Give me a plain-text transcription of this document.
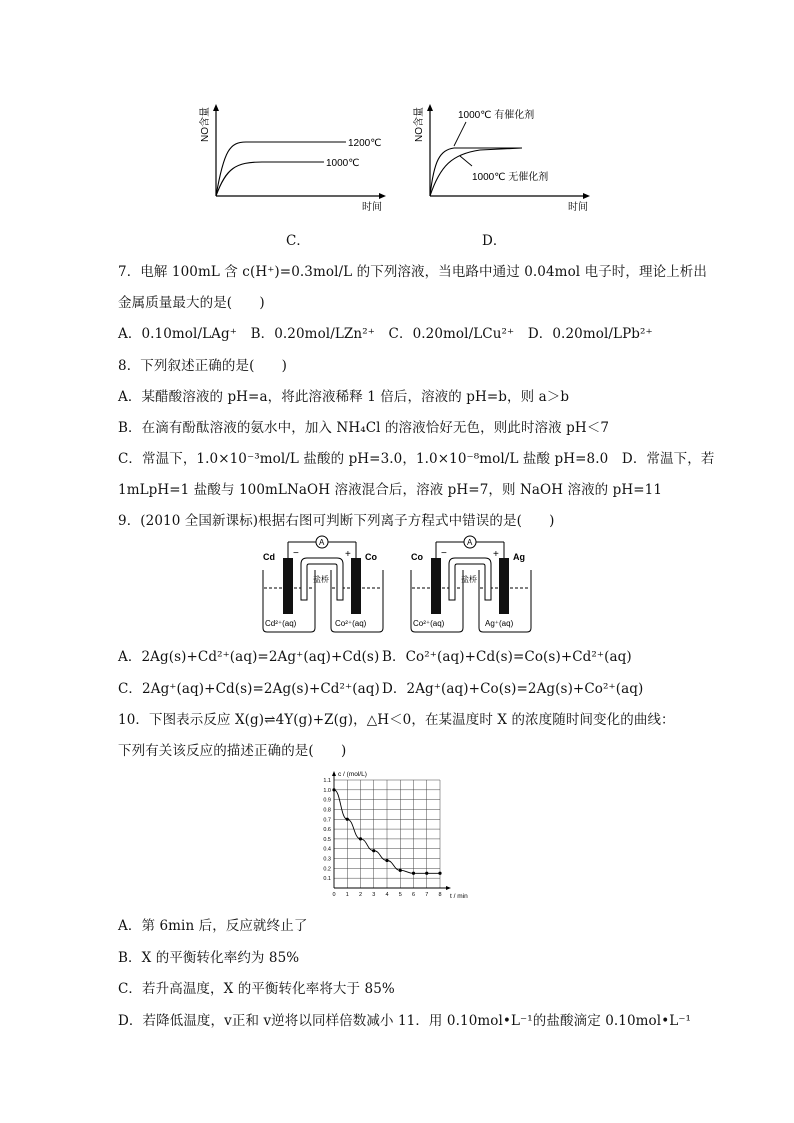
NO含量
1200℃
1000℃
时间
C．
NO含量	1000℃ 有催化剂
1000℃ 无催化剂
时间
D．
7．电解 100mL 含 c(H⁺)=0.3mol/L 的下列溶液，当电路中通过 0.04mol 电子时，理论上析出
金属质量最大的是(　　)
A．0.10mol/LAg⁺　B．0.20mol/LZn²⁺　C．0.20mol/LCu²⁺　D．0.20mol/LPb²⁺
8．下列叙述正确的是(　　)
A．某醋酸溶液的 pH=a，将此溶液稀释 1 倍后，溶液的 pH=b，则 a＞b
B．在滴有酚酞溶液的氨水中，加入 NH₄Cl 的溶液恰好无色，则此时溶液 pH＜7
C．常温下，1.0×10⁻³mol/L 盐酸的 pH=3.0，1.0×10⁻⁸mol/L 盐酸 pH=8.0　D．常温下，若
1mLpH=1 盐酸与 100mLNaOH 溶液混合后，溶液 pH=7，则 NaOH 溶液的 pH=11
9．(2010 全国新课标)根据右图可判断下列离子方程式中错误的是(　　)
Cd	Co
A
−	+
盐桥
Cd²⁺(aq)	Co²⁺(aq)
Co	Ag
A
−	+
盐桥
Co²⁺(aq)	Ag⁺(aq)
A．2Ag(s)+Cd²⁺(aq)=2Ag⁺(aq)+Cd(s) B．Co²⁺(aq)+Cd(s)=Co(s)+Cd²⁺(aq)
C．2Ag⁺(aq)+Cd(s)=2Ag(s)+Cd²⁺(aq) D．2Ag⁺(aq)+Co(s)=2Ag(s)+Co²⁺(aq)
10．下图表示反应 X(g)⇌4Y(g)+Z(g)，△H＜0，在某温度时 X 的浓度随时间变化的曲线：
下列有关该反应的描述正确的是(　　)
0.1
0.2
0.3
0.4
0.5
0.6
0.7
0.8
0.9
1.0
1.1
0 1 2 3 4 5 6 7 8
c / (mol/L)
t / min
A．第 6min 后，反应就终止了
B．X 的平衡转化率约为 85%
C．若升高温度，X 的平衡转化率将大于 85%
D．若降低温度，v正和 v逆将以同样倍数减小 11．用 0.10mol•L⁻¹的盐酸滴定 0.10mol•L⁻¹
